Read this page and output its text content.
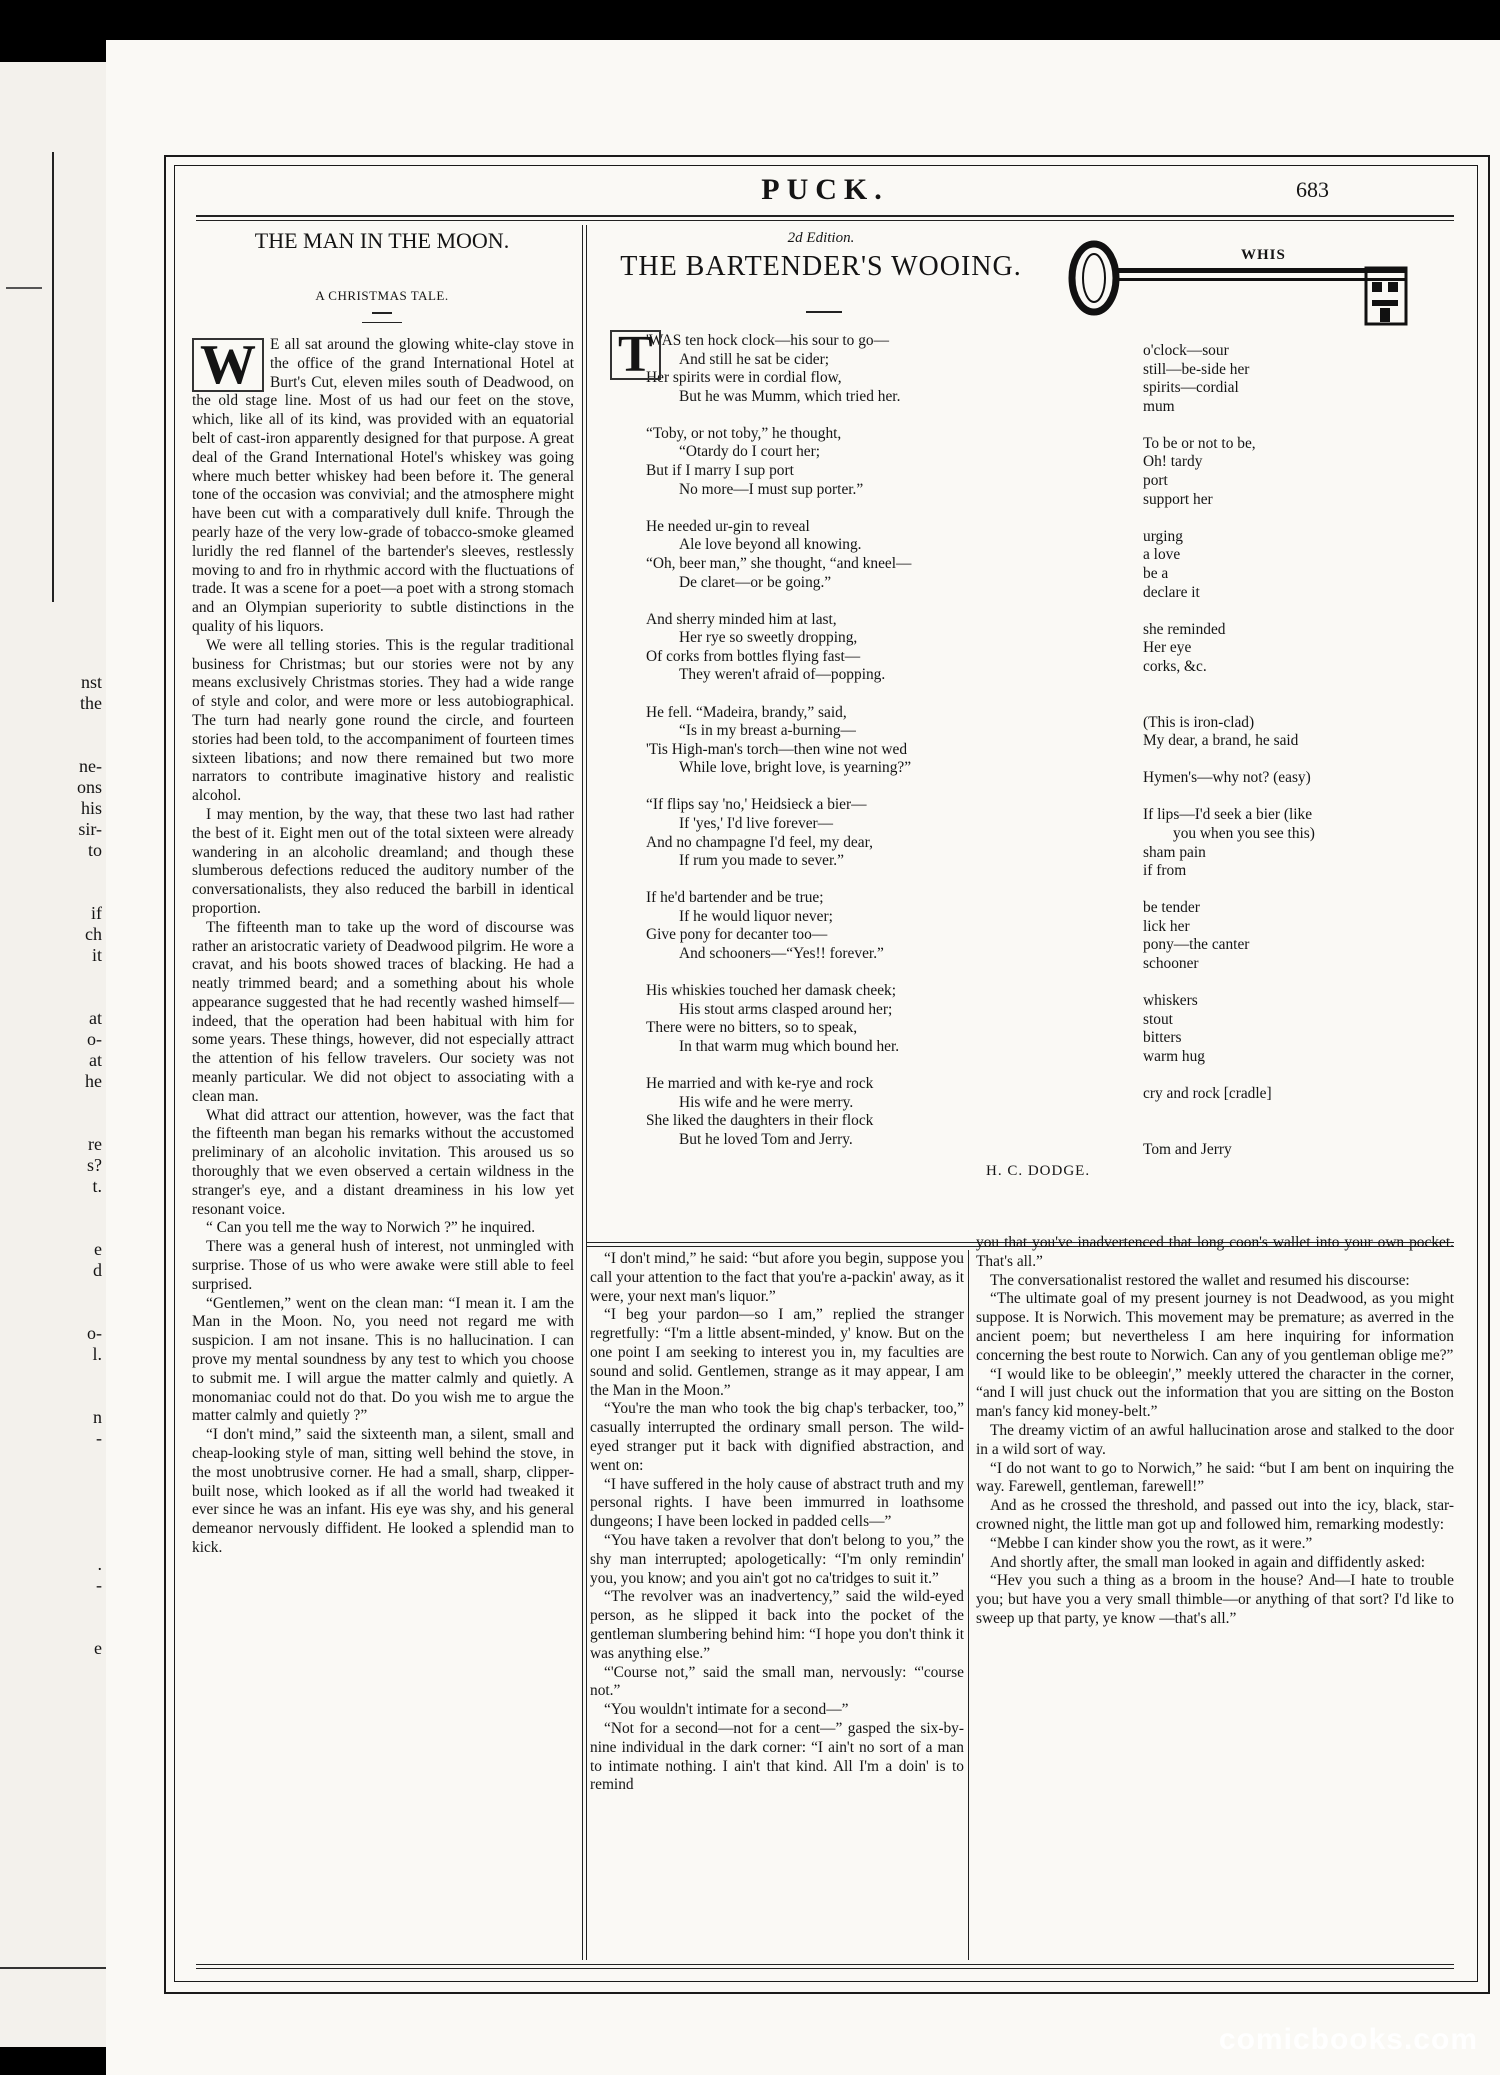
nst
the
ne-
ons
his
sir-
to
if
ch
it
at
o-
at
he
re
s?
t.
e
d
o-
l.
n
-
.
-
e
PUCK.	683
THE MAN IN THE MOON.
A CHRISTMAS TALE.

W E all sat around the glowing white-clay stove in the office of the grand International Hotel at Burt's Cut, eleven miles south of Deadwood, on the old stage line. Most of us had our feet on the stove, which, like all of its kind, was provided with an equatorial belt of cast-iron apparently designed for that purpose. A great deal of the Grand International Hotel's whiskey was going where much better whiskey had been before it. The general tone of the occasion was convivial; and the atmosphere might have been cut with a comparatively dull knife. Through the pearly haze of the very low-grade of tobacco-smoke gleamed luridly the red flannel of the bartender's sleeves, restlessly moving to and fro in rhythmic accord with the fluctuations of trade. It was a scene for a poet—a poet with a strong stomach and an Olympian superiority to subtle distinctions in the quality of his liquors.

We were all telling stories. This is the regular traditional business for Christmas; but our stories were not by any means exclusively Christmas stories. They had a wide range of style and color, and were more or less autobiographical. The turn had nearly gone round the circle, and fourteen stories had been told, to the accompaniment of fourteen times sixteen libations; and now there remained but two more narrators to contribute imaginative history and realistic alcohol.

I may mention, by the way, that these two last had rather the best of it. Eight men out of the total sixteen were already wandering in an alcoholic dreamland; and though these slumberous defections reduced the auditory number of the conversationalists, they also reduced the barbill in identical proportion.

The fifteenth man to take up the word of discourse was rather an aristocratic variety of Deadwood pilgrim. He wore a cravat, and his boots showed traces of blacking. He had a neatly trimmed beard; and a something about his whole appearance suggested that he had recently washed himself—indeed, that the operation had been habitual with him for some years. These things, however, did not especially attract the attention of his fellow travelers. Our society was not meanly particular. We did not object to associating with a clean man.

What did attract our attention, however, was the fact that the fifteenth man began his remarks without the accustomed preliminary of an alcoholic invitation. This aroused us so thoroughly that we even observed a certain wildness in the stranger's eye, and a distant dreaminess in his low yet resonant voice.

“ Can you tell me the way to Norwich ?” he inquired.

There was a general hush of interest, not unmingled with surprise. Those of us who were awake were still able to feel surprised.

“Gentlemen,” went on the clean man: “I mean it. I am the Man in the Moon. No, you need not regard me with suspicion. I am not insane. This is no hallucination. I can prove my mental soundness by any test to which you choose to submit me. I will argue the matter calmly and quietly. A monomaniac could not do that. Do you wish me to argue the matter calmly and quietly ?”

“I don't mind,” said the sixteenth man, a silent, small and cheap-looking style of man, sitting well behind the stove, in the most unobtrusive corner. He had a small, sharp, clipper-built nose, which looked as if all the world had tweaked it ever since he was an infant. His eye was shy, and his general demeanor nervously diffident. He looked a splendid man to kick.

2d Edition.
THE BARTENDER'S WOOING.	WHIS
T
'WAS ten hock clock—his sour to go—
And still he sat be cider;
Her spirits were in cordial flow,
But he was Mumm, which tried her.
“Toby, or not toby,” he thought,
“Otardy do I court her;
But if I marry I sup port
No more—I must sup porter.”
He needed ur-gin to reveal
Ale love beyond all knowing.
“Oh, beer man,” she thought, “and kneel—
De claret—or be going.”
And sherry minded him at last,
Her rye so sweetly dropping,
Of corks from bottles flying fast—
They weren't afraid of—popping.
He fell. “Madeira, brandy,” said,
“Is in my breast a-burning—
'Tis High-man's torch—then wine not wed
While love, bright love, is yearning?”
“If flips say 'no,' Heidsieck a bier—
If 'yes,' I'd live forever—
And no champagne I'd feel, my dear,
If rum you made to sever.”
If he'd bartender and be true;
If he would liquor never;
Give pony for decanter too—
And schooners—“Yes!! forever.”
His whiskies touched her damask cheek;
His stout arms clasped around her;
There were no bitters, so to speak,
In that warm mug which bound her.
He married and with ke-rye and rock
His wife and he were merry.
She liked the daughters in their flock
But he loved Tom and Jerry.
o'clock—sour
still—be-side her
spirits—cordial
mum
To be or not to be,
Oh! tardy
port
support her
urging
a love
be a
declare it
she reminded
Her eye
corks, &c.
(This is iron-clad)
My dear, a brand, he said
Hymen's—why not? (easy)
If lips—I'd seek a bier (like
you when you see this)
sham pain
if from
be tender
lick her
pony—the canter
schooner
whiskers
stout
bitters
warm hug
cry and rock [cradle]
Tom and Jerry
H. C. DODGE.

“I don't mind,” he said: “but afore you begin, suppose you call your attention to the fact that you're a-packin' away, as it were, your next man's liquor.”

“I beg your pardon—so I am,” replied the stranger regretfully: “I'm a little absent-minded, y' know. But on the one point I am seeking to interest you in, my faculties are sound and solid. Gentlemen, strange as it may appear, I am the Man in the Moon.”

“You're the man who took the big chap's terbacker, too,” casually interrupted the ordinary small person. The wild-eyed stranger put it back with dignified abstraction, and went on:

“I have suffered in the holy cause of abstract truth and my personal rights. I have been immurred in loathsome dungeons; I have been locked in padded cells—”

“You have taken a revolver that don't belong to you,” the shy man interrupted; apologetically: “I'm only remindin' you, you know; and you ain't got no ca'tridges to suit it.”

“The revolver was an inadvertency,” said the wild-eyed person, as he slipped it back into the pocket of the gentleman slumbering behind him: “I hope you don't think it was anything else.”

“'Course not,” said the small man, nervously: “'course not.”

“You wouldn't intimate for a second—”

“Not for a second—not for a cent—” gasped the six-by-nine individual in the dark corner: “I ain't no sort of a man to intimate nothing. I ain't that kind. All I'm a doin' is to remind

you that you've inadvertenced that long coon's wallet into your own pocket. That's all.”

The conversationalist restored the wallet and resumed his discourse:

“The ultimate goal of my present journey is not Deadwood, as you might suppose. It is Norwich. This movement may be premature; as averred in the ancient poem; but nevertheless I am here inquiring for information concerning the best route to Norwich. Can any of you gentleman oblige me?”

“I would like to be obleegin',” meekly uttered the character in the corner, “and I will just chuck out the information that you are sitting on the Boston man's fancy kid money-belt.”

The dreamy victim of an awful hallucination arose and stalked to the door in a wild sort of way.

“I do not want to go to Norwich,” he said: “but I am bent on inquiring the way. Farewell, gentleman, farewell!”

And as he crossed the threshold, and passed out into the icy, black, star-crowned night, the little man got up and followed him, remarking modestly:

“Mebbe I can kinder show you the rowt, as it were.”

And shortly after, the small man looked in again and diffidently asked:

“Hev you such a thing as a broom in the house? And—I hate to trouble you; but have you a very small thimble—or anything of that sort? I'd like to sweep up that party, ye know —that's all.”

comicbooks.com
